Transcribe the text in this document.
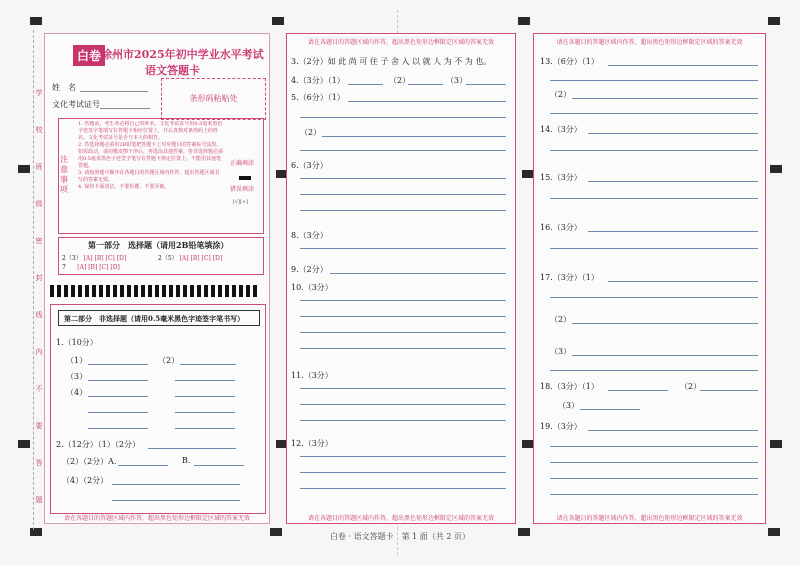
学
校
班
级
密
封
线
内
不
要
答
题
白卷 徐州市2025年初中学业水平考试
语文答题卡
姓　名
文化考试证号
条形码粘贴处
注意事项
1. 答题前，考生务必将自己的姓名、文化考试证号用0.5毫米黑色字迹签字笔填写在答题卡相应位置上，并认真核对条形码上的姓名、文化考试证号是否与本人的相符。
2. 答选择题必须用2B铅笔把答题卡上对应题目的答案标号涂黑。如需改动，请用橡皮擦干净后，再选涂其他答案。答非选择题必须用0.5毫米黑色字迹签字笔写在答题卡规定位置上，不能用其他笔答题。
3. 请按照题号顺序在各题目的答题区域内作答，超出答题区域书写的答案无效。
4. 保持卡面清洁，不要折叠、不要弄破。
正确填涂
错误填涂
[√][×]
第一部分　选择题（请用2B铅笔填涂）
2（3） [A] [B] [C] [D]	2（5） [A] [B] [C] [D]
7 [A] [B] [C] [D]
第二部分　非选择题（请用0.5毫米黑色字迹签字笔书写）
1.（10分）
（1）	（2）
（3）
（4）
2.（12分）（1）（2分）
（2）（2分）A.	B.
（4）（2分）
请在各题目的答题区域内作答，超出黑色矩形边框限定区域的答案无效
请在各题目的答题区域内作答，超出黑色矩形边框限定区域的答案无效
3.（2分）如 此 尚 可 住 子 舍 入 以 就 人 为 不 为 也。
4.（3分）（1）	（2）	（3）
5.（6分）（1）
（2）
6.（3分）
8.（3分）
9.（2分）
10.（3分）
11.（3分）
12.（3分）
请在各题目的答题区域内作答，超出黑色矩形边框限定区域的答案无效
请在各题目的答题区域内作答，超出黑色矩形边框限定区域的答案无效
13.（6分）（1）
（2）
14.（3分）
15.（3分）
16.（3分）
17.（3分）（1）
（2）
（3）
18.（3分）（1）	（2）
（3）
19.（3分）
请在各题目的答题区域内作答，超出黑色矩形边框限定区域的答案无效
白卷 · 语文答题卡　第 1 面（共 2 页）
